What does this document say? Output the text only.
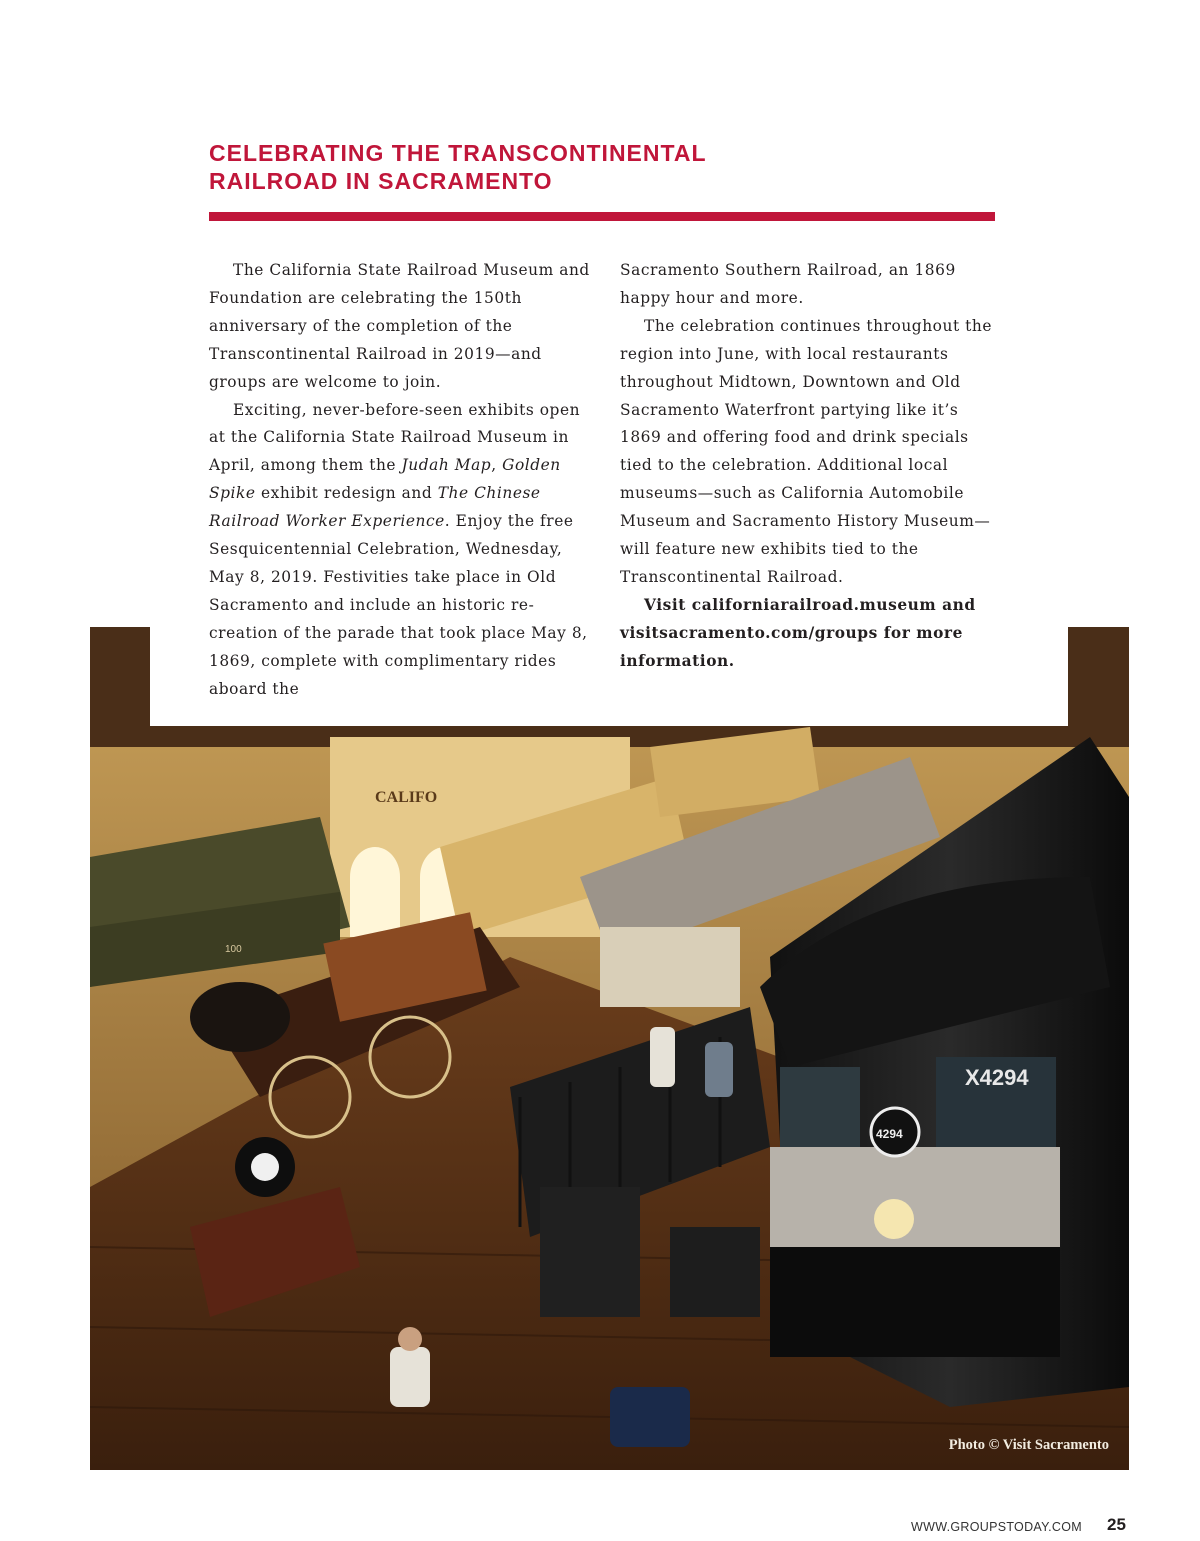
CELEBRATING THE TRANSCONTINENTAL
RAILROAD IN SACRAMENTO
CALIFO
100
X4294
4294
Photo © Visit Sacramento

The California State Railroad Museum and Foundation are celebrating the 150th anniversary of the completion of the Transcontinental Railroad in 2019—and groups are welcome to join.

Exciting, never-before-seen exhibits open at the California State Railroad Museum in April, among them the Judah Map, Golden Spike exhibit redesign and The Chinese Railroad Worker Experience. Enjoy the free Sesquicentennial Celebration, Wednesday, May 8, 2019. Festivities take place in Old Sacramento and include an historic re-creation of the parade that took place May 8, 1869, complete with complimentary rides aboard the

Sacramento Southern Railroad, an 1869 happy hour and more.

The celebration continues throughout the region into June, with local restaurants throughout Midtown, Downtown and Old Sacramento Waterfront partying like it’s 1869 and offering food and drink specials tied to the celebration. Additional local museums—such as California Automobile Museum and Sacramento History Museum—will feature new exhibits tied to the Transcontinental Railroad.

Visit californiarailroad.museum and visitsacramento.com/groups for more information.

WWW.GROUPSTODAY.COM 25
